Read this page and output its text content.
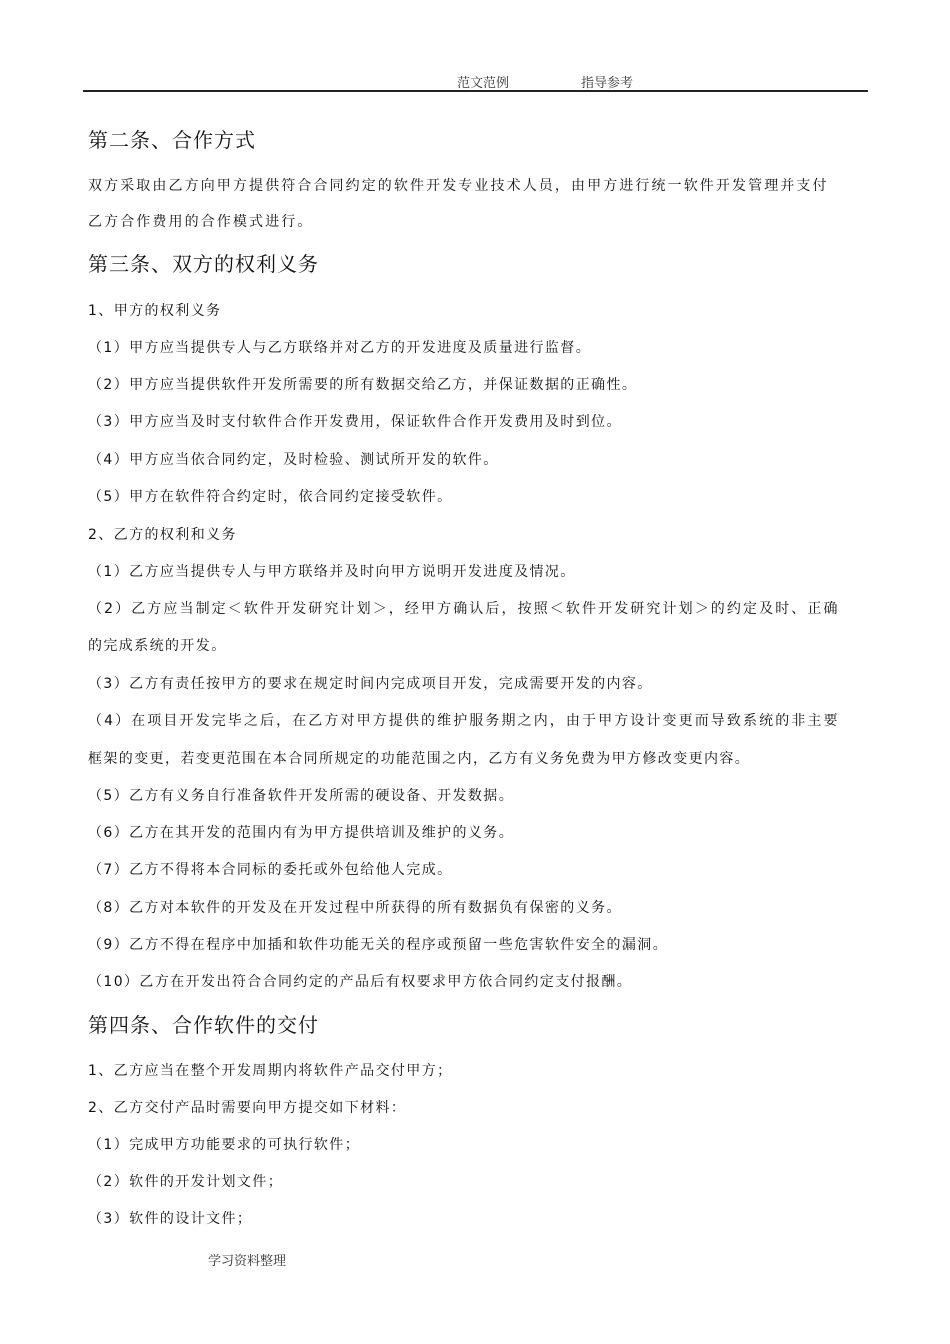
范文范例	指导参考
第二条、合作方式
双方采取由乙方向甲方提供符合合同约定的软件开发专业技术人员，由甲方进行统一软件开发管理并支付
乙方合作费用的合作模式进行。
第三条、双方的权利义务
1、甲方的权利义务
（1）甲方应当提供专人与乙方联络并对乙方的开发进度及质量进行监督。
（2）甲方应当提供软件开发所需要的所有数据交给乙方，并保证数据的正确性。
（3）甲方应当及时支付软件合作开发费用，保证软件合作开发费用及时到位。
（4）甲方应当依合同约定，及时检验、测试所开发的软件。
（5）甲方在软件符合约定时，依合同约定接受软件。
2、乙方的权利和义务
（1）乙方应当提供专人与甲方联络并及时向甲方说明开发进度及情况。
（2）乙方应当制定＜软件开发研究计划＞，经甲方确认后，按照＜软件开发研究计划＞的约定及时、正确
的完成系统的开发。
（3）乙方有责任按甲方的要求在规定时间内完成项目开发，完成需要开发的内容。
（4）在项目开发完毕之后，在乙方对甲方提供的维护服务期之内，由于甲方设计变更而导致系统的非主要
框架的变更，若变更范围在本合同所规定的功能范围之内，乙方有义务免费为甲方修改变更内容。
（5）乙方有义务自行准备软件开发所需的硬设备、开发数据。
（6）乙方在其开发的范围内有为甲方提供培训及维护的义务。
（7）乙方不得将本合同标的委托或外包给他人完成。
（8）乙方对本软件的开发及在开发过程中所获得的所有数据负有保密的义务。
（9）乙方不得在程序中加插和软件功能无关的程序或预留一些危害软件安全的漏洞。
（10）乙方在开发出符合合同约定的产品后有权要求甲方依合同约定支付报酬。
第四条、合作软件的交付
1、乙方应当在整个开发周期内将软件产品交付甲方；
2、乙方交付产品时需要向甲方提交如下材料：
（1）完成甲方功能要求的可执行软件；
（2）软件的开发计划文件；
（3）软件的设计文件；
学习资料整理
